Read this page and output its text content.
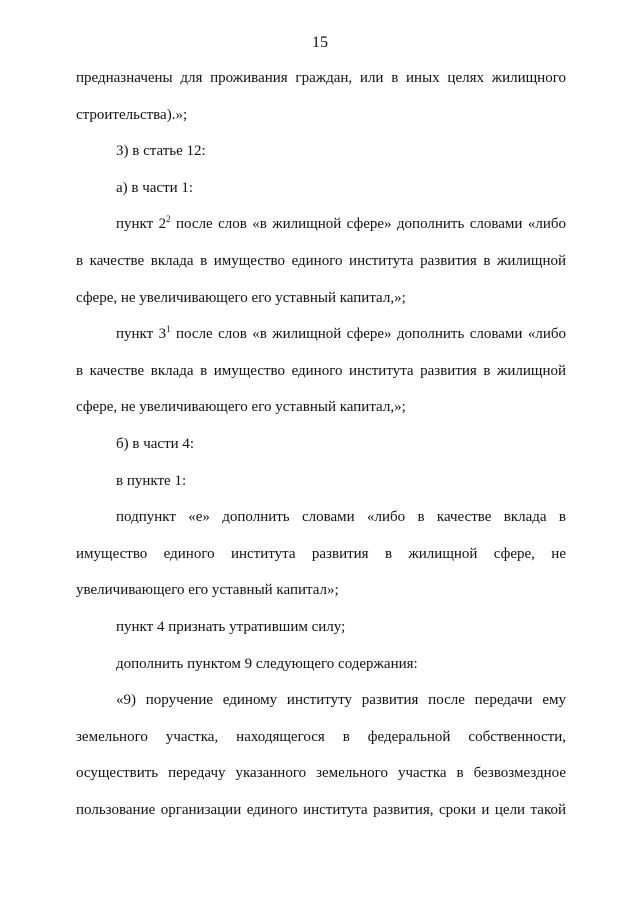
15
предназначены для проживания граждан, или в иных целях жилищного
строительства).»;
3) в статье 12:
а) в части 1:
пункт $2^2$ после слов «в жилищной сфере» дополнить словами «либо
в качестве вклада в имущество единого института развития в жилищной
сфере, не увеличивающего его уставный капитал,»;
пункт $3^1$ после слов «в жилищной сфере» дополнить словами «либо
в качестве вклада в имущество единого института развития в жилищной
сфере, не увеличивающего его уставный капитал,»;
б) в части 4:
в пункте 1:
подпункт «е» дополнить словами «либо в качестве вклада в
имущество единого института развития в жилищной сфере, не
увеличивающего его уставный капитал»;
пункт 4 признать утратившим силу;
дополнить пунктом 9 следующего содержания:
«9) поручение единому институту развития после передачи ему
земельного участка, находящегося в федеральной собственности,
осуществить передачу указанного земельного участка в безвозмездное
пользование организации единого института развития, сроки и цели такой
